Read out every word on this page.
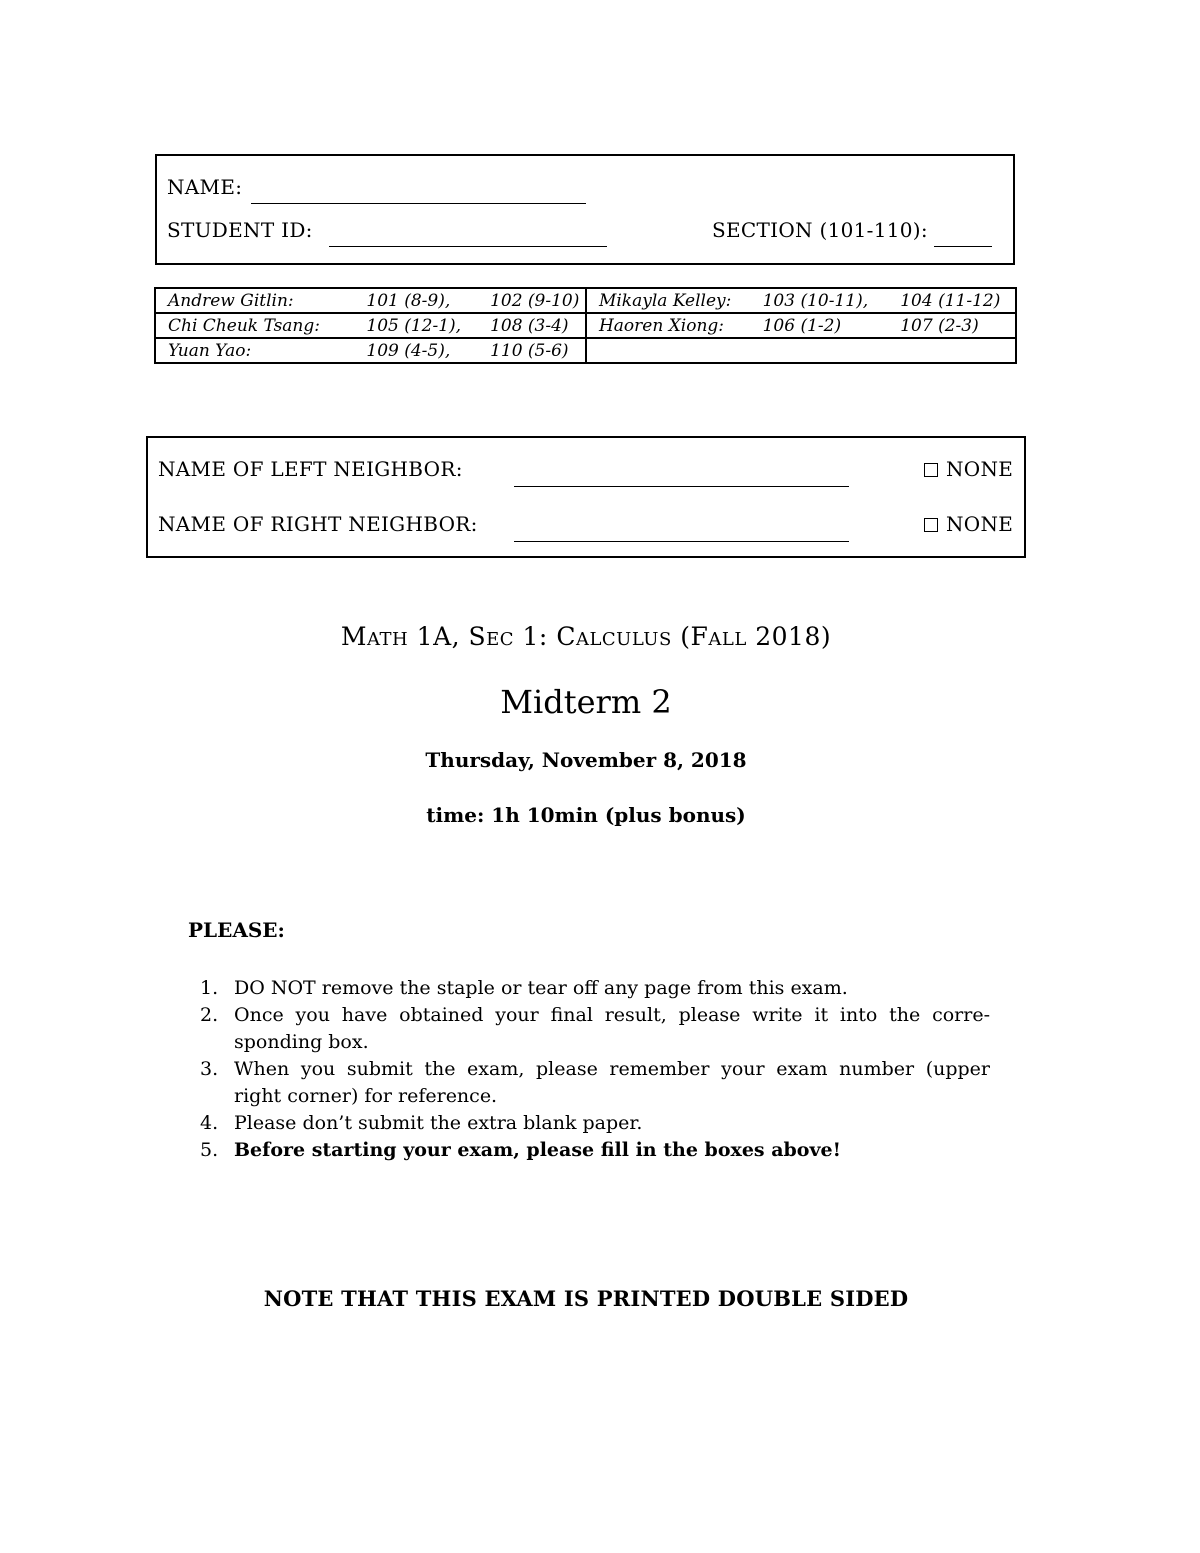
NAME:
STUDENT ID:	SECTION (101-110):
Andrew Gitlin:	101 (8-9),	102 (9-10)	Mikayla Kelley:	103 (10-11),	104 (11-12)
Chi Cheuk Tsang:	105 (12-1),	108 (3-4)	Haoren Xiong:	106 (1-2)	107 (2-3)
Yuan Yao:	109 (4-5),	110 (5-6)			
NAME OF LEFT NEIGHBOR:	NONE
NAME OF RIGHT NEIGHBOR:	NONE
Math 1A, Sec 1: Calculus (Fall 2018)
Midterm 2
Thursday, November 8, 2018
time: 1h 10min (plus bonus)
PLEASE:
1. DO NOT remove the staple or tear off any page from this exam.
2. Once you have obtained your final result, please write it into the corre-
sponding box.
3. When you submit the exam, please remember your exam number (upper
right corner) for reference.
4. Please don’t submit the extra blank paper.
5. Before starting your exam, please fill in the boxes above!
NOTE THAT THIS EXAM IS PRINTED DOUBLE SIDED
